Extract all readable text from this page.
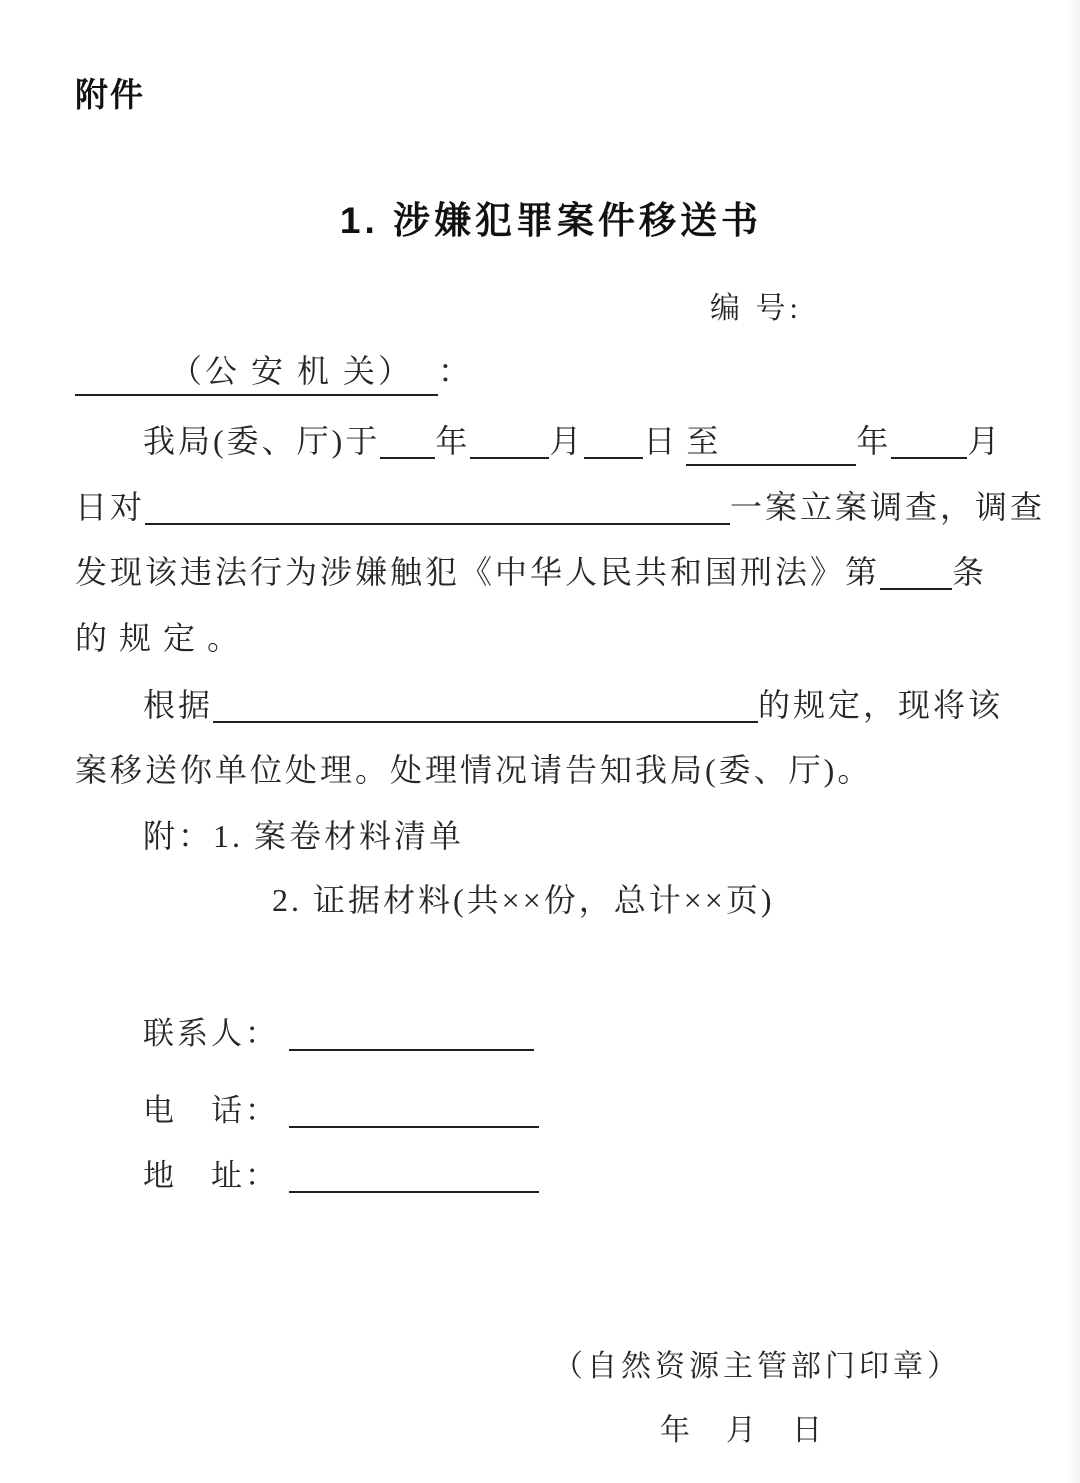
附件
1. 涉嫌犯罪案件移送书
编 号:
（公 安 机 关） ：
我局(委、厅)于 年 月 日 至	年 月
日对	一案立案调查，调查
发现该违法行为涉嫌触犯《中华人民共和国刑法》第 条
的规定。
根据	的规定，现将该
案移送你单位处理。处理情况请告知我局(委、厅)。
附：1. 案卷材料清单
2. 证据材料(共××份，总计××页)
联系人：
电　话：
地　址：
（自然资源主管部门印章）
年　月　日
